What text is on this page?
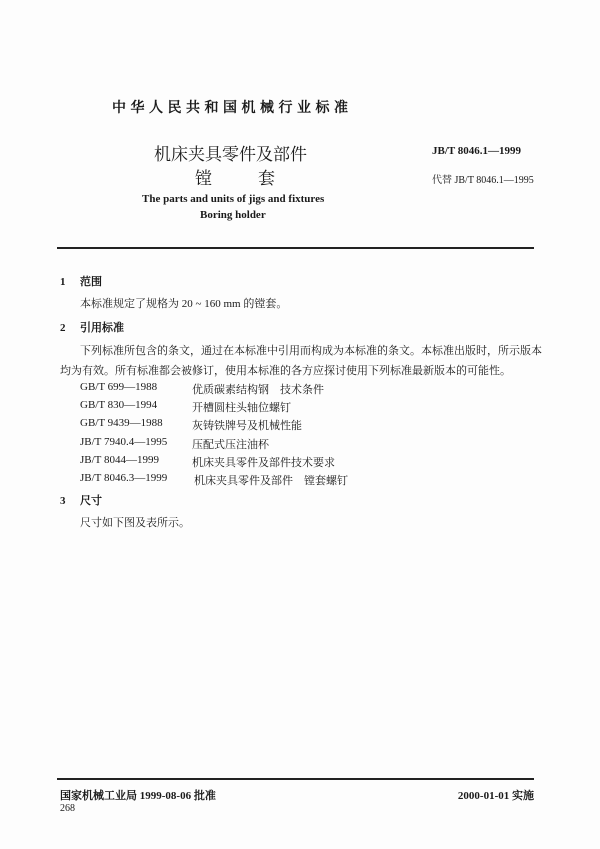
中华人民共和国机械行业标准
机床夹具零件及部件
镗	套
The parts and units of jigs and fixtures
Boring holder
JB/T 8046.1—1999
代替 JB/T 8046.1—1995
1 范围
本标准规定了规格为 20 ~ 160 mm 的镗套。
2 引用标准
下列标准所包含的条文，通过在本标准中引用而构成为本标准的条文。本标准出版时，所示版本
均为有效。所有标准都会被修订，使用本标准的各方应探讨使用下列标准最新版本的可能性。
GB/T 699—1988	优质碳素结构钢　技术条件
GB/T 830—1994	开槽圆柱头轴位螺钉
GB/T 9439—1988	灰铸铁牌号及机械性能
JB/T 7940.4—1995 压配式压注油杯
JB/T 8044—1999	机床夹具零件及部件技术要求
JB/T 8046.3—1999 机床夹具零件及部件　镗套螺钉
3 尺寸
尺寸如下图及表所示。
国家机械工业局 1999-08-06 批准	2000-01-01 实施
268
